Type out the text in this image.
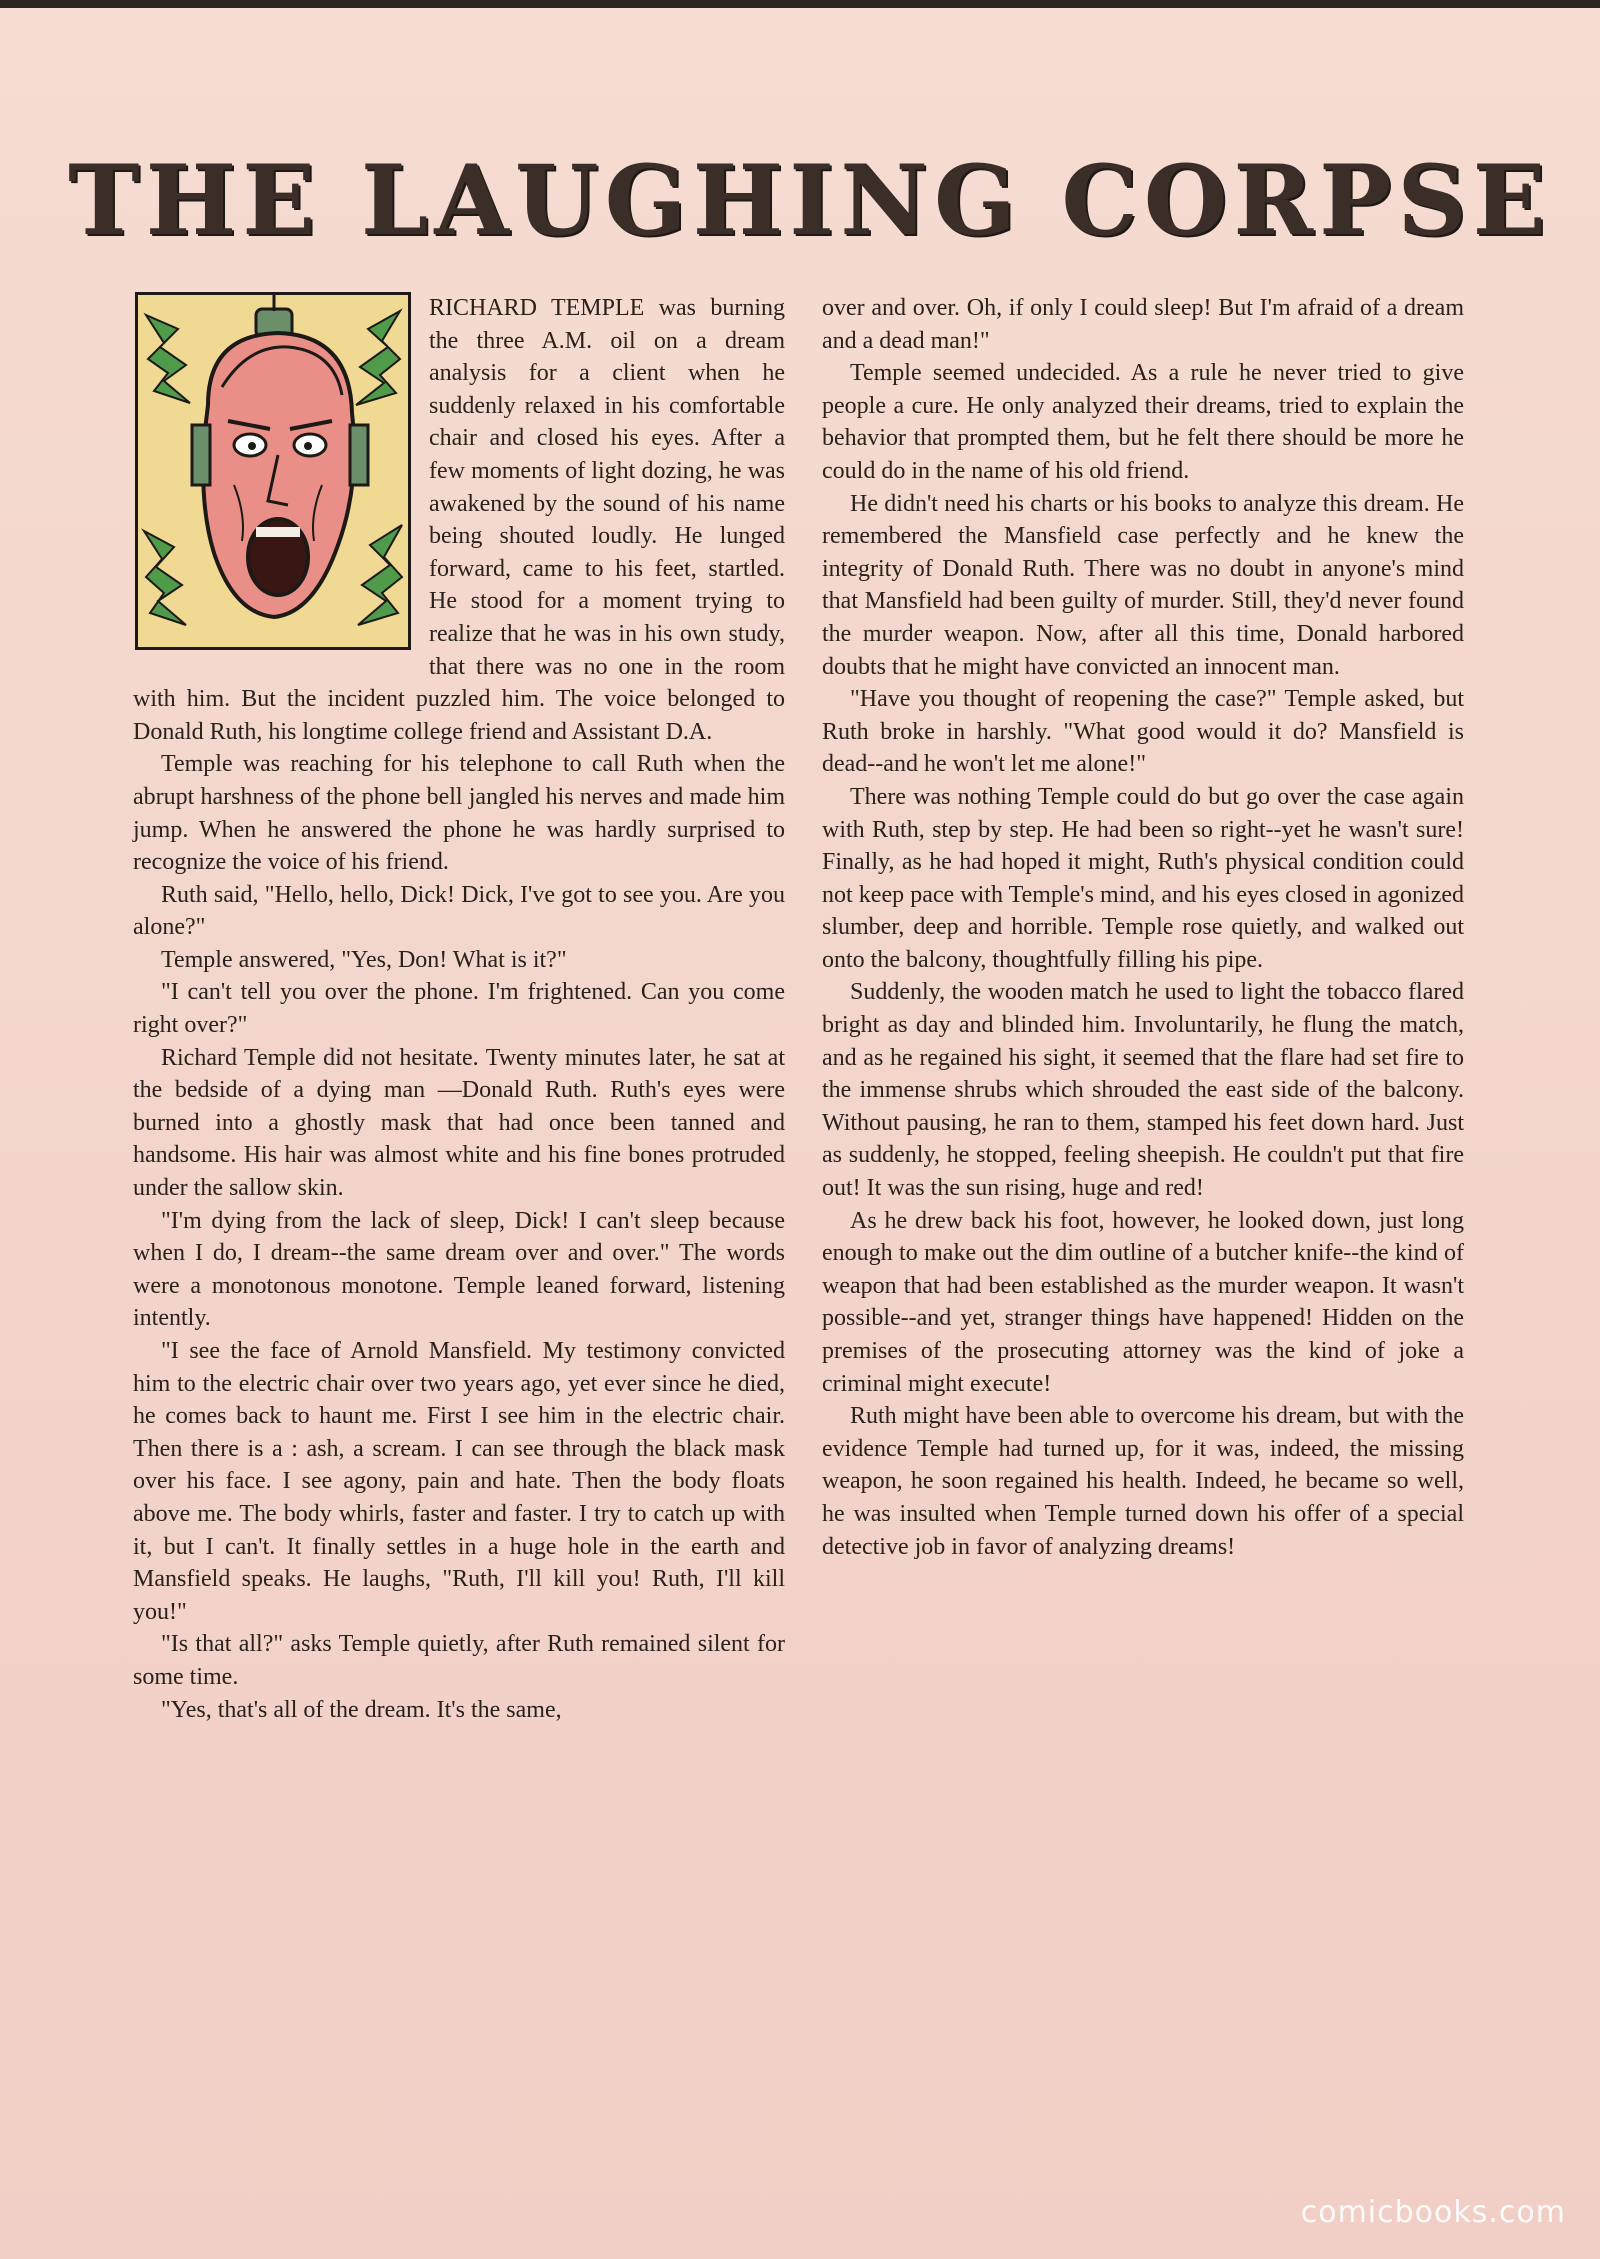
THE LAUGHING CORPSE

RICHARD TEMPLE was burning the three A.M. oil on a dream analysis for a client when he suddenly relaxed in his comfortable chair and closed his eyes. After a few moments of light dozing, he was awakened by the sound of his name being shouted loudly. He lunged forward, came to his feet, startled. He stood for a moment trying to realize that he was in his own study, that there was no one in the room with him. But the incident puzzled him. The voice belonged to Donald Ruth, his longtime college friend and Assistant D.A.

Temple was reaching for his telephone to call Ruth when the abrupt harshness of the phone bell jangled his nerves and made him jump. When he answered the phone he was hardly surprised to recognize the voice of his friend.

Ruth said, "Hello, hello, Dick! Dick, I've got to see you. Are you alone?"

Temple answered, "Yes, Don! What is it?"

"I can't tell you over the phone. I'm frightened. Can you come right over?"

Richard Temple did not hesitate. Twenty minutes later, he sat at the bedside of a dying man —Donald Ruth. Ruth's eyes were burned into a ghostly mask that had once been tanned and handsome. His hair was almost white and his fine bones protruded under the sallow skin.

"I'm dying from the lack of sleep, Dick! I can't sleep because when I do, I dream--the same dream over and over." The words were a monotonous monotone. Temple leaned forward, listening intently.

"I see the face of Arnold Mansfield. My testimony convicted him to the electric chair over two years ago, yet ever since he died, he comes back to haunt me. First I see him in the electric chair. Then there is a : ash, a scream. I can see through the black mask over his face. I see agony, pain and hate. Then the body floats above me. The body whirls, faster and faster. I try to catch up with it, but I can't. It finally settles in a huge hole in the earth and Mansfield speaks. He laughs, "Ruth, I'll kill you! Ruth, I'll kill you!"

"Is that all?" asks Temple quietly, after Ruth remained silent for some time.

"Yes, that's all of the dream. It's the same,

over and over. Oh, if only I could sleep! But I'm afraid of a dream and a dead man!"

Temple seemed undecided. As a rule he never tried to give people a cure. He only analyzed their dreams, tried to explain the behavior that prompted them, but he felt there should be more he could do in the name of his old friend.

He didn't need his charts or his books to analyze this dream. He remembered the Mansfield case perfectly and he knew the integrity of Donald Ruth. There was no doubt in anyone's mind that Mansfield had been guilty of murder. Still, they'd never found the murder weapon. Now, after all this time, Donald harbored doubts that he might have convicted an innocent man.

"Have you thought of reopening the case?" Temple asked, but Ruth broke in harshly. "What good would it do? Mansfield is dead--and he won't let me alone!"

There was nothing Temple could do but go over the case again with Ruth, step by step. He had been so right--yet he wasn't sure! Finally, as he had hoped it might, Ruth's physical condition could not keep pace with Temple's mind, and his eyes closed in agonized slumber, deep and horrible. Temple rose quietly, and walked out onto the balcony, thoughtfully filling his pipe.

Suddenly, the wooden match he used to light the tobacco flared bright as day and blinded him. Involuntarily, he flung the match, and as he regained his sight, it seemed that the flare had set fire to the immense shrubs which shrouded the east side of the balcony. Without pausing, he ran to them, stamped his feet down hard. Just as suddenly, he stopped, feeling sheepish. He couldn't put that fire out! It was the sun rising, huge and red!

As he drew back his foot, however, he looked down, just long enough to make out the dim outline of a butcher knife--the kind of weapon that had been established as the murder weapon. It wasn't possible--and yet, stranger things have happened! Hidden on the premises of the prosecuting attorney was the kind of joke a criminal might execute!

Ruth might have been able to overcome his dream, but with the evidence Temple had turned up, for it was, indeed, the missing weapon, he soon regained his health. Indeed, he became so well, he was insulted when Temple turned down his offer of a special detective job in favor of analyzing dreams!

comicbooks.com
